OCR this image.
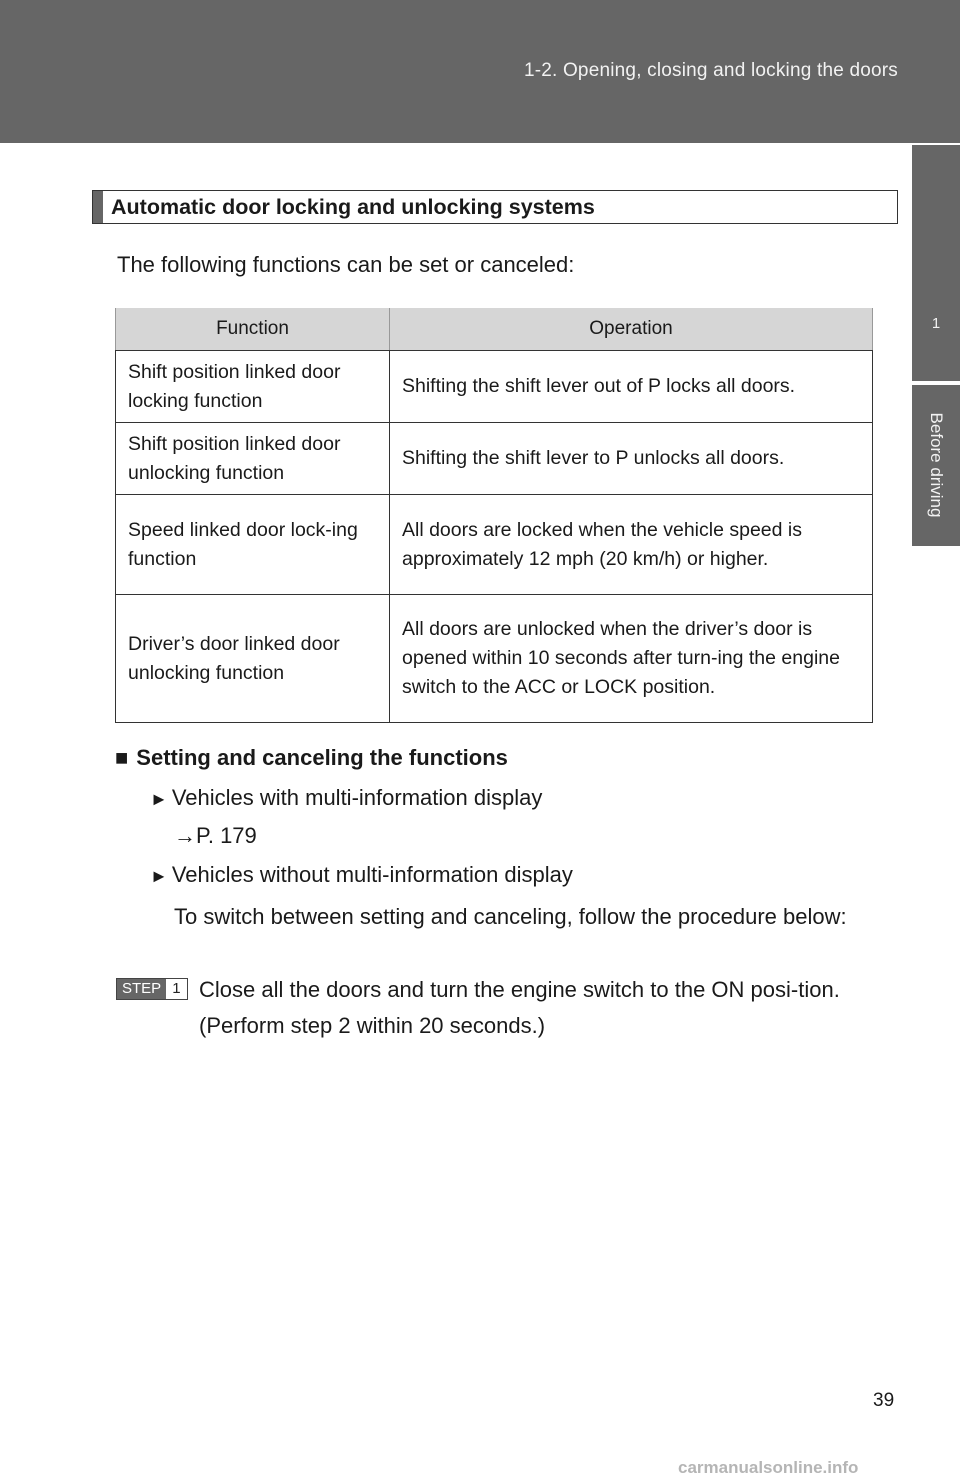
1-2. Opening, closing and locking the doors
1
Before driving
Automatic door locking and unlocking systems
The following functions can be set or canceled:
Function	Operation
Shift position linked door locking function	Shifting the shift lever out of P locks all doors.
Shift position linked door unlocking function	Shifting the shift lever to P unlocks all doors.
Speed linked door lock-ing function	All doors are locked when the vehicle speed is approximately 12 mph (20 km/h) or higher.
Driver’s door linked door unlocking function	All doors are unlocked when the driver’s door is opened within 10 seconds after turn-ing the engine switch to the ACC or LOCK position.
■ Setting and canceling the functions
► Vehicles with multi-information display
→P. 179
► Vehicles without multi-information display
To switch between setting and canceling, follow the procedure below:
STEP 1 Close all the doors and turn the engine switch to the ON posi-tion. (Perform step 2 within 20 seconds.)
39
carmanualsonline.info
